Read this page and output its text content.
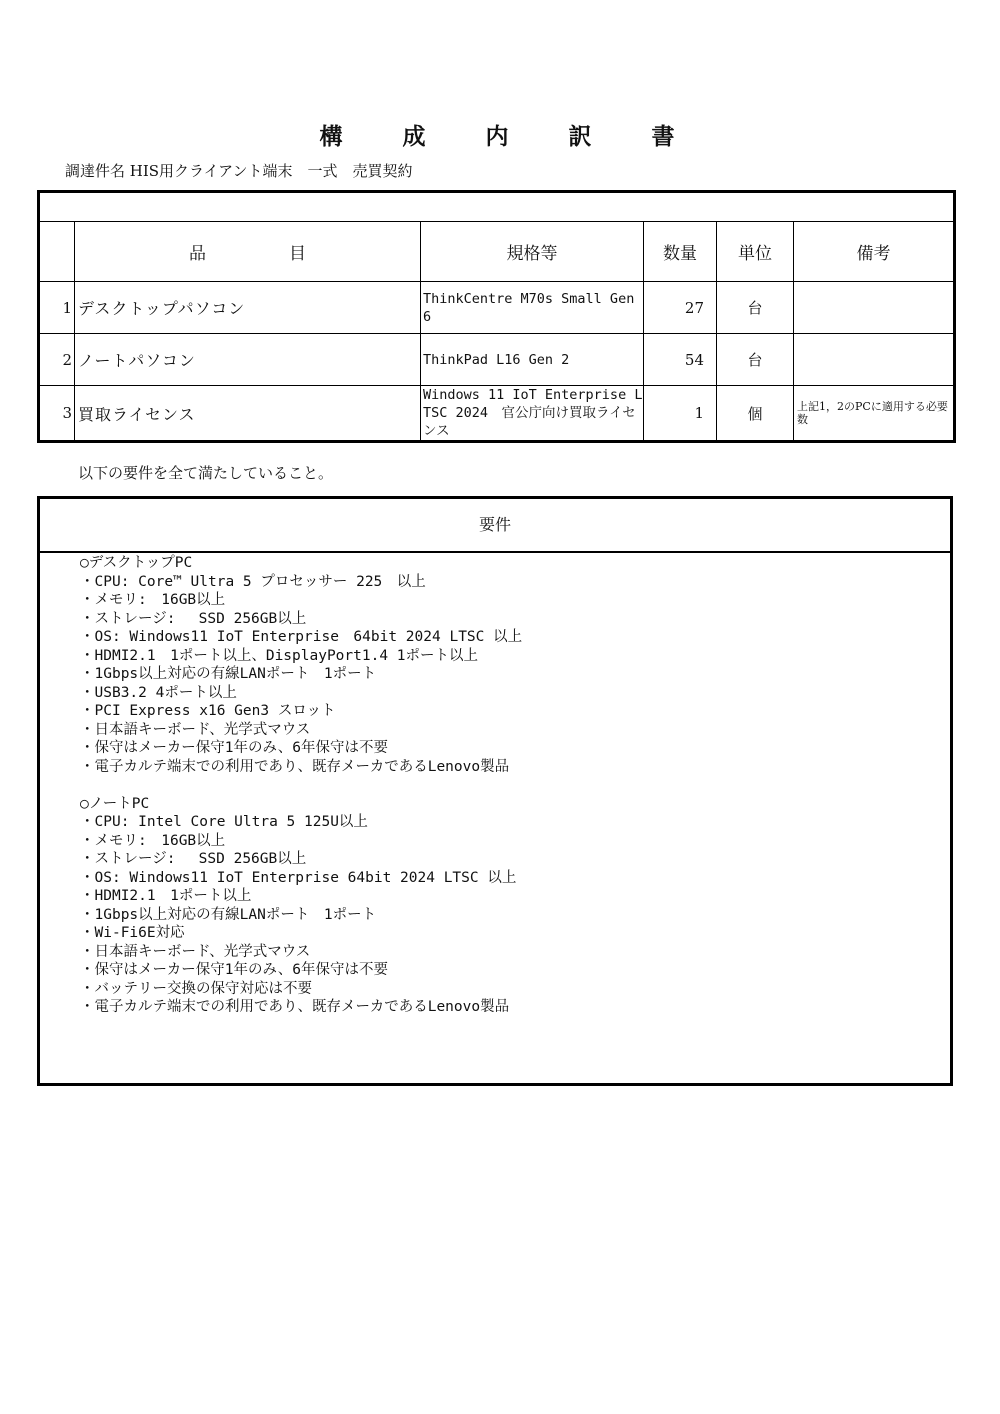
構 成 内 訳 書
調達件名 HIS用クライアント端末　一式　売買契約

	品 目	規格等	数量	単位	備考
1	デスクトップパソコン	ThinkCentre M70s Small Gen 6	27	台	
2	ノートパソコン	ThinkPad L16 Gen 2	54	台	
3	買取ライセンス	Windows 11 IoT Enterprise LTSC 2024　官公庁向け買取ライセンス	1	個	上記1，2のPCに適用する必要数
以下の要件を全て満たしていること。
要件
○デスクトップPC
・CPU: Core™ Ultra 5 プロセッサー 225　以上
・メモリ:　16GB以上
・ストレージ:　 SSD 256GB以上
・OS: Windows11 IoT Enterprise　64bit 2024 LTSC 以上
・HDMI2.1　1ポート以上、DisplayPort1.4 1ポート以上
・1Gbps以上対応の有線LANポート　1ポート
・USB3.2 4ポート以上
・PCI Express x16 Gen3 スロット
・日本語キーボード、光学式マウス
・保守はメーカー保守1年のみ、6年保守は不要
・電子カルテ端末での利用であり、既存メーカであるLenovo製品
○ノートPC
・CPU: Intel Core Ultra 5 125U以上
・メモリ:　16GB以上
・ストレージ:　 SSD 256GB以上
・OS: Windows11 IoT Enterprise 64bit 2024 LTSC 以上
・HDMI2.1　1ポート以上
・1Gbps以上対応の有線LANポート　1ポート
・Wi-Fi6E対応
・日本語キーボード、光学式マウス
・保守はメーカー保守1年のみ、6年保守は不要
・バッテリー交換の保守対応は不要
・電子カルテ端末での利用であり、既存メーカであるLenovo製品
